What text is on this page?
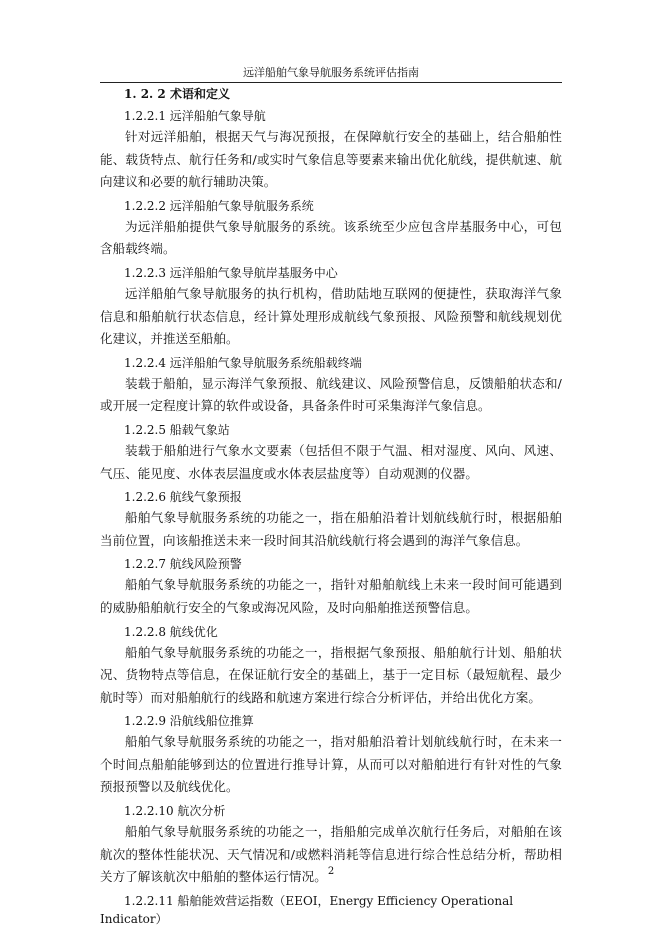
远洋船舶气象导航服务系统评估指南

1. 2. 2 术语和定义

1.2.2.1 远洋船舶气象导航

针对远洋船舶，根据天气与海况预报，在保障航行安全的基础上，结合船舶性能、载货特点、航行任务和/或实时气象信息等要素来输出优化航线，提供航速、航向建议和必要的航行辅助决策。

1.2.2.2 远洋船舶气象导航服务系统

为远洋船舶提供气象导航服务的系统。该系统至少应包含岸基服务中心，可包含船载终端。

1.2.2.3 远洋船舶气象导航岸基服务中心

远洋船舶气象导航服务的执行机构，借助陆地互联网的便捷性，获取海洋气象信息和船舶航行状态信息，经计算处理形成航线气象预报、风险预警和航线规划优化建议，并推送至船舶。

1.2.2.4 远洋船舶气象导航服务系统船载终端

装载于船舶，显示海洋气象预报、航线建议、风险预警信息，反馈船舶状态和/或开展一定程度计算的软件或设备，具备条件时可采集海洋气象信息。

1.2.2.5 船载气象站

装载于船舶进行气象水文要素（包括但不限于气温、相对湿度、风向、风速、气压、能见度、水体表层温度或水体表层盐度等）自动观测的仪器。

1.2.2.6 航线气象预报

船舶气象导航服务系统的功能之一，指在船舶沿着计划航线航行时，根据船舶当前位置，向该船推送未来一段时间其沿航线航行将会遇到的海洋气象信息。

1.2.2.7 航线风险预警

船舶气象导航服务系统的功能之一，指针对船舶航线上未来一段时间可能遇到的威胁船舶航行安全的气象或海况风险，及时向船舶推送预警信息。

1.2.2.8 航线优化

船舶气象导航服务系统的功能之一，指根据气象预报、船舶航行计划、船舶状况、货物特点等信息，在保证航行安全的基础上，基于一定目标（最短航程、最少航时等）而对船舶航行的线路和航速方案进行综合分析评估，并给出优化方案。

1.2.2.9 沿航线船位推算

船舶气象导航服务系统的功能之一，指对船舶沿着计划航线航行时，在未来一个时间点船舶能够到达的位置进行推导计算，从而可以对船舶进行有针对性的气象预报预警以及航线优化。

1.2.2.10 航次分析

船舶气象导航服务系统的功能之一，指船舶完成单次航行任务后，对船舶在该航次的整体性能状况、天气情况和/或燃料消耗等信息进行综合性总结分析，帮助相关方了解该航次中船舶的整体运行情况。

1.2.2.11 船舶能效营运指数（EEOI，Energy Efficiency Operational Indicator）

2
